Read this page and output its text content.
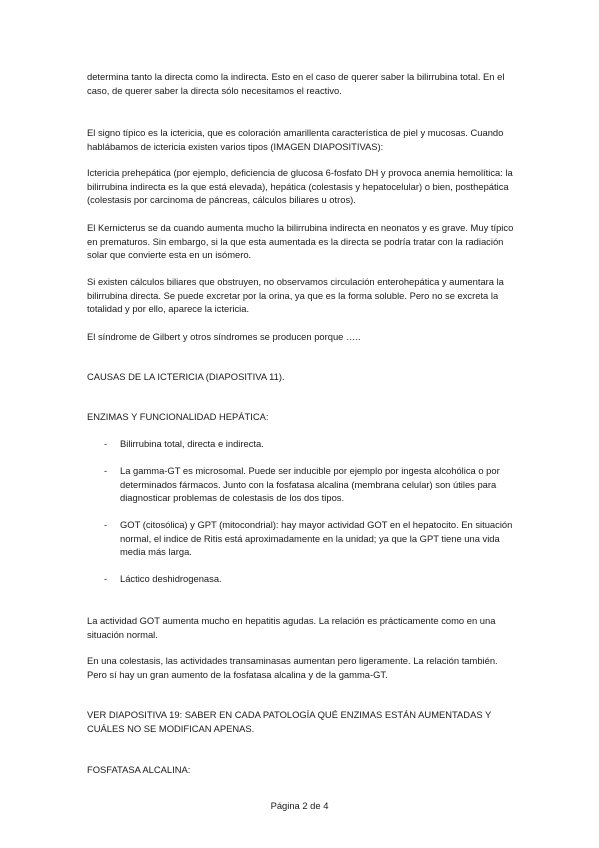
determina tanto la directa como la indirecta. Esto en el caso de querer saber la bilirrubina total. En el caso, de querer saber la directa sólo necesitamos el reactivo.

El signo típico es la ictericia, que es coloración amarillenta característica de piel y mucosas. Cuando hablábamos de ictericia existen varios tipos (IMAGEN DIAPOSITIVAS):

Ictericia prehepática (por ejemplo, deficiencia de glucosa 6-fosfato DH y provoca anemia hemolítica: la bilirrubina indirecta es la que está elevada), hepática (colestasis y hepatocelular) o bien, posthepática (colestasis por carcinoma de páncreas, cálculos biliares u otros).

El Kernicterus se da cuando aumenta mucho la bilirrubina indirecta en neonatos y es grave. Muy típico en prematuros. Sin embargo, si la que esta aumentada es la directa se podría tratar con la radiación solar que convierte esta en un isómero.

Si existen cálculos biliares que obstruyen, no observamos circulación enterohepática y aumentara la bilirrubina directa. Se puede excretar por la orina, ya que es la forma soluble. Pero no se excreta la totalidad y por ello, aparece la ictericia.

El síndrome de Gilbert y otros síndromes se producen porque …..

CAUSAS DE LA ICTERICIA (DIAPOSITIVA 11).

ENZIMAS Y FUNCIONALIDAD HEPÁTICA:

-	Bilirrubina total, directa e indirecta.
-	La gamma-GT es microsomal. Puede ser inducible por ejemplo por ingesta alcohólica o por determinados fármacos. Junto con la fosfatasa alcalina (membrana celular) son útiles para diagnosticar problemas de colestasis de los dos tipos.
-	GOT (citosólica) y GPT (mitocondrial): hay mayor actividad GOT en el hepatocito. En situación normal, el indice de Ritis está aproximadamente en la unidad; ya que la GPT tiene una vida media más larga.
-	Láctico deshidrogenasa.

La actividad GOT aumenta mucho en hepatitis agudas. La relación es prácticamente como en una situación normal.

En una colestasis, las actividades transaminasas aumentan pero ligeramente. La relación también. Pero sí hay un gran aumento de la fosfatasa alcalina y de la gamma-GT.

VER DIAPOSITIVA 19: SABER EN CADA PATOLOGÍA QUÉ ENZIMAS ESTÁN AUMENTADAS Y CUÁLES NO SE MODIFICAN APENAS.

FOSFATASA ALCALINA:

Página 2 de 4
